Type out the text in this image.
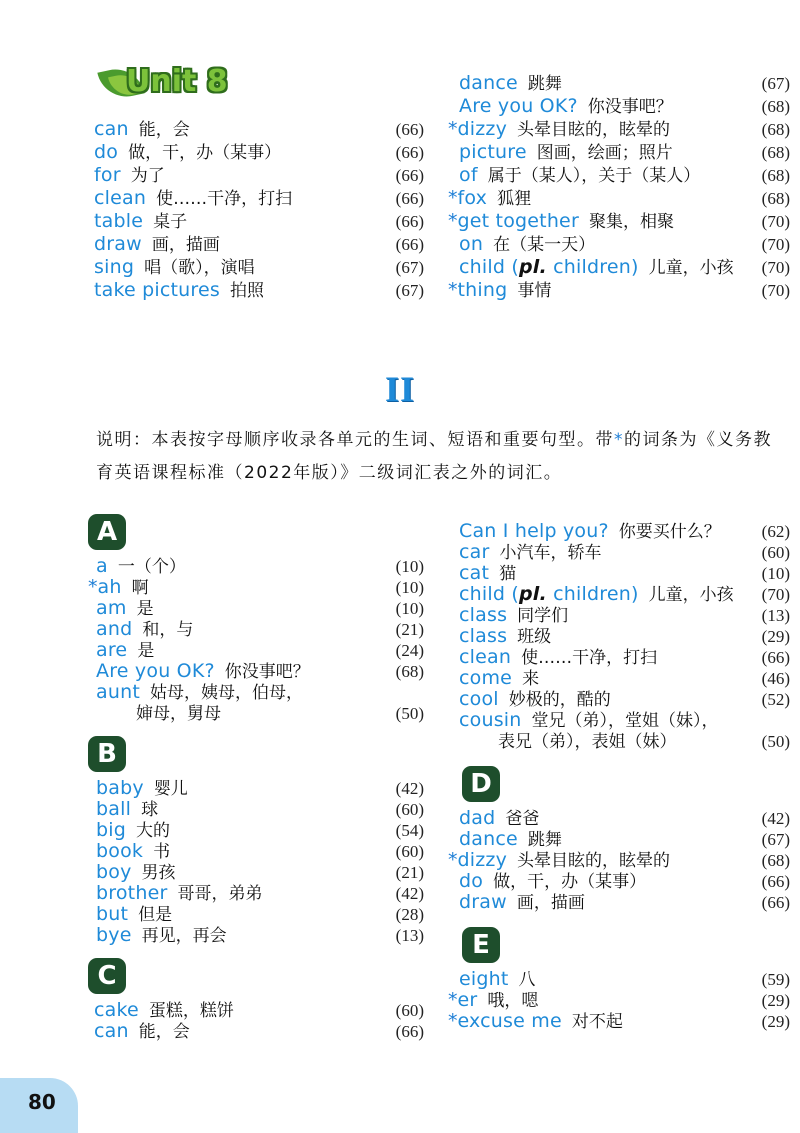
Unit 8
can 能，会	(66)
do 做，干，办（某事）	(66)
for 为了	(66)
clean 使……干净，打扫	(66)
table 桌子	(66)
draw 画，描画	(66)
sing 唱（歌），演唱	(67)
take pictures 拍照	(67)
dance 跳舞	(67)
Are you OK? 你没事吧？	(68)
*dizzy 头晕目眩的，眩晕的	(68)
picture 图画，绘画；照片	(68)
of 属于（某人），关于（某人）	(68)
*fox 狐狸	(68)
*get together 聚集，相聚	(70)
on 在（某一天）	(70)
child (pl. children) 儿童，小孩 (70)
*thing 事情	(70)
II
说明：本表按字母顺序收录各单元的生词、短语和重要句型。带*的词条为《义务教育英语课程标准（2022年版）》二级词汇表之外的词汇。
A
a 一（个）	(10)
*ah 啊	(10)
am 是	(10)
and 和，与	(21)
are 是	(24)
Are you OK? 你没事吧？	(68)
aunt 姑母，姨母，伯母，
婶母，舅母	(50)
B
baby 婴儿	(42)
ball 球	(60)
big 大的	(54)
book 书	(60)
boy 男孩	(21)
brother 哥哥，弟弟	(42)
but 但是	(28)
bye 再见，再会	(13)
C
cake 蛋糕，糕饼	(60)
can 能，会	(66)
Can I help you? 你要买什么？ (62)
car 小汽车，轿车	(60)
cat 猫	(10)
child (pl. children) 儿童，小孩 (70)
class 同学们	(13)
class 班级	(29)
clean 使……干净，打扫	(66)
come 来	(46)
cool 妙极的，酷的	(52)
cousin 堂兄（弟），堂姐（妹），
表兄（弟），表姐（妹）	(50)
D
dad 爸爸	(42)
dance 跳舞	(67)
*dizzy 头晕目眩的，眩晕的	(68)
do 做，干，办（某事）	(66)
draw 画，描画	(66)
E
eight 八	(59)
*er 哦，嗯	(29)
*excuse me 对不起	(29)
80
